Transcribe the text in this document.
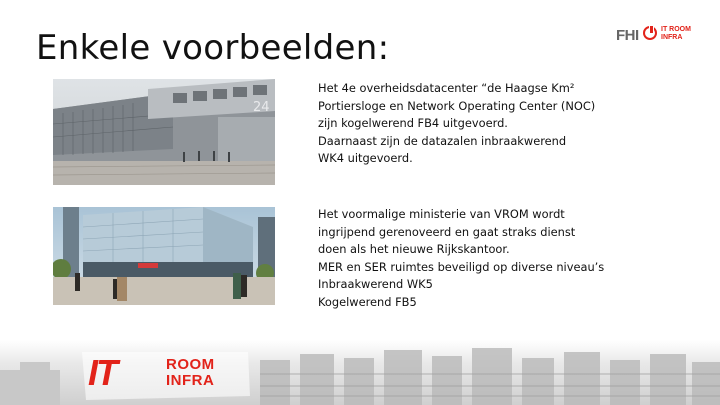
Enkele voorbeelden:	FHI	IT ROOM
INFRA
24
Het 4e overheidsdatacenter “de Haagse Km²
Portiersloge en Network Operating Center (NOC)
zijn kogelwerend FB4 uitgevoerd.
Daarnaast zijn de datazalen inbraakwerend
WK4 uitgevoerd.
Het voormalige ministerie van VROM wordt
ingrijpend gerenoveerd en gaat straks dienst
doen als het nieuwe Rijkskantoor.
MER en SER ruimtes beveiligd op diverse niveau’s
Inbraakwerend WK5
Kogelwerend FB5
IT	ROOM
INFRA
